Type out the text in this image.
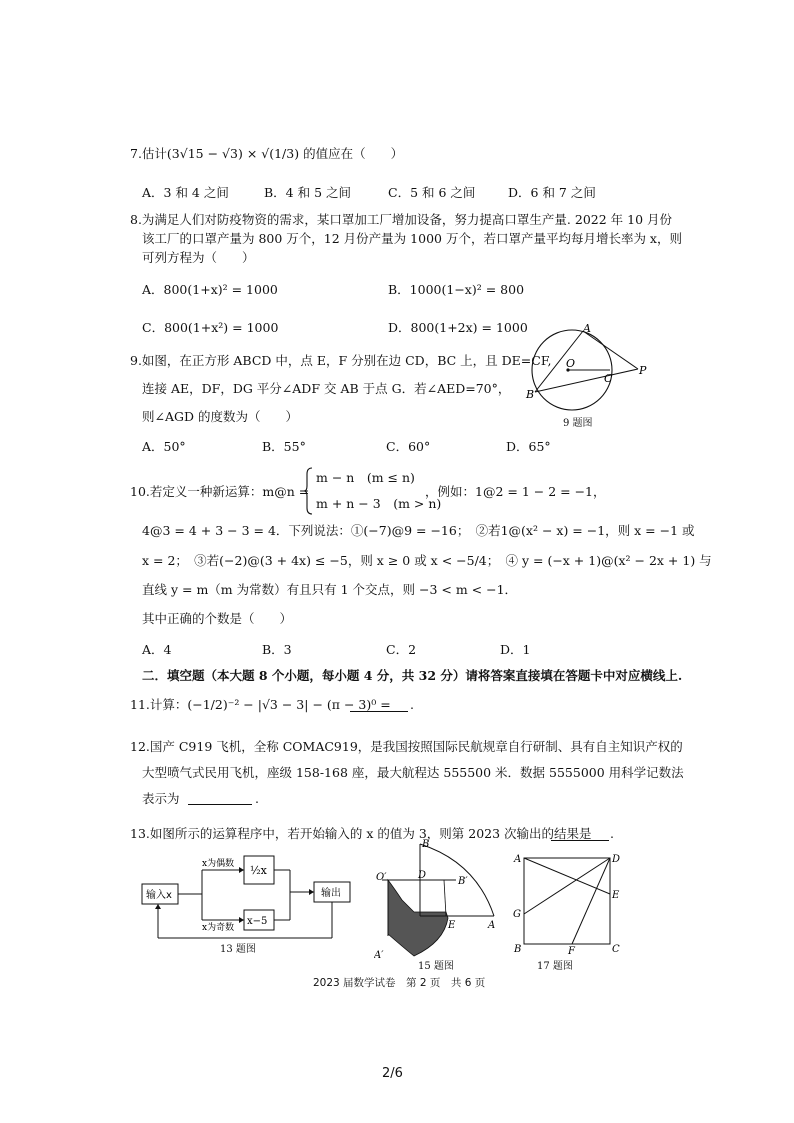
7.估计(3√15 − √3) × √(1/3) 的值应在（　　）
A．3 和 4 之间	B．4 和 5 之间	C．5 和 6 之间	D．6 和 7 之间
8.为满足人们对防疫物资的需求，某口罩加工厂增加设备，努力提高口罩生产量. 2022 年 10 月份
该工厂的口罩产量为 800 万个，12 月份产量为 1000 万个，若口罩产量平均每月增长率为 x，则
可列方程为（　　）
A．800(1+x)² = 1000	B．1000(1−x)² = 800
C．800(1+x²) = 1000	D．800(1+2x) = 1000
9.如图，在正方形 ABCD 中，点 E，F 分别在边 CD，BC 上，且 DE=CF,
连接 AE，DF，DG 平分∠ADF 交 AB 于点 G．若∠AED=70°，
则∠AGD 的度数为（　　）
A．50°	B．55°	C．60°	D．65°
A
O
C
P
B
9 题图
10.若定义一种新运算：m@n =
m − n　(m ≤ n)
m + n − 3　(m > n)
，例如：1@2 = 1 − 2 = −1，
4@3 = 4 + 3 − 3 = 4．下列说法：①(−7)@9 = −16；　②若1@(x² − x) = −1，则 x = −1 或
x = 2；　③若(−2)@(3 + 4x) ≤ −5，则 x ≥ 0 或 x < −5/4；　④ y = (−x + 1)@(x² − 2x + 1) 与
直线 y = m（m 为常数）有且只有 1 个交点，则 −3 < m < −1．
其中正确的个数是（　　）
A．4	B．3	C．2	D．1
二．填空题（本大题 8 个小题，每小题 4 分，共 32 分）请将答案直接填在答题卡中对应横线上.
11.计算：(−1/2)⁻² − |√3 − 3| − (π − 3)⁰ = .
12.国产 C919 飞机，全称 COMAC919，是我国按照国际民航规章自行研制、具有自主知识产权的
大型喷气式民用飞机，座级 158-168 座，最大航程达 555500 米．数据 5555000 用科学记数法
表示为	.
13.如图所示的运算程序中，若开始输入的 x 的值为 3，则第 2023 次输出的结果是 .
输入x
x为偶数
x为奇数
½x
x−5
输出
13 题图
B
O′	D
B′
E	A
A′
15 题图
A	D
E
G
B	F	C
17 题图
2023 届数学试卷　第 2 页　共 6 页
2/6
